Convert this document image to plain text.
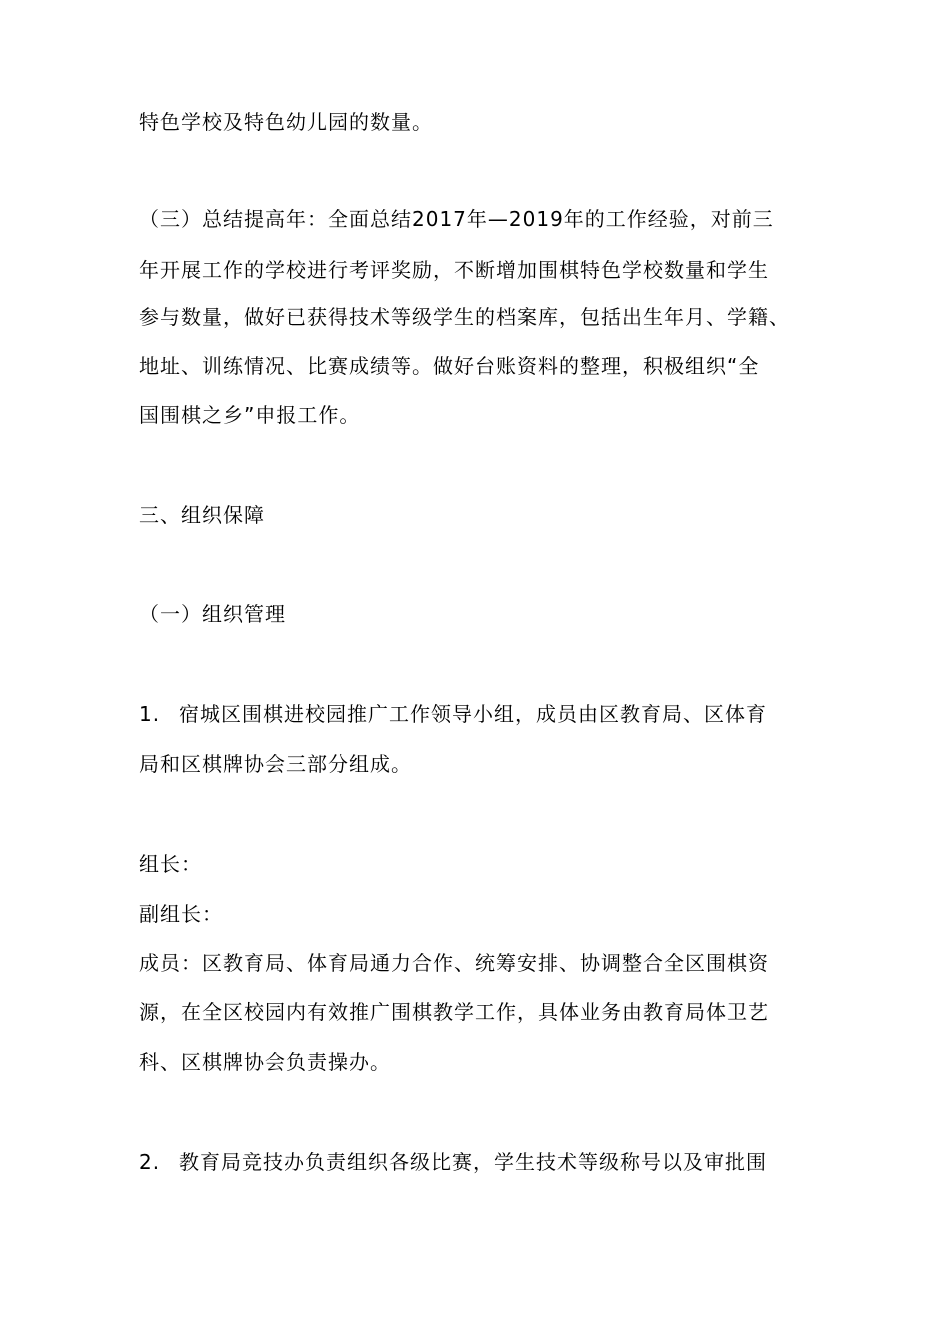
特色学校及特色幼儿园的数量。
（三）总结提高年：全面总结2017年—2019年的工作经验，对前三
年开展工作的学校进行考评奖励，不断增加围棋特色学校数量和学生
参与数量，做好已获得技术等级学生的档案库，包括出生年月、学籍、
地址、训练情况、比赛成绩等。做好台账资料的整理，积极组织“全
国围棋之乡”申报工作。
三、组织保障
（一）组织管理
1. 宿城区围棋进校园推广工作领导小组，成员由区教育局、区体育
局和区棋牌协会三部分组成。
组长：
副组长：
成员：区教育局、体育局通力合作、统筹安排、协调整合全区围棋资
源，在全区校园内有效推广围棋教学工作，具体业务由教育局体卫艺
科、区棋牌协会负责操办。
2. 教育局竞技办负责组织各级比赛，学生技术等级称号以及审批围
